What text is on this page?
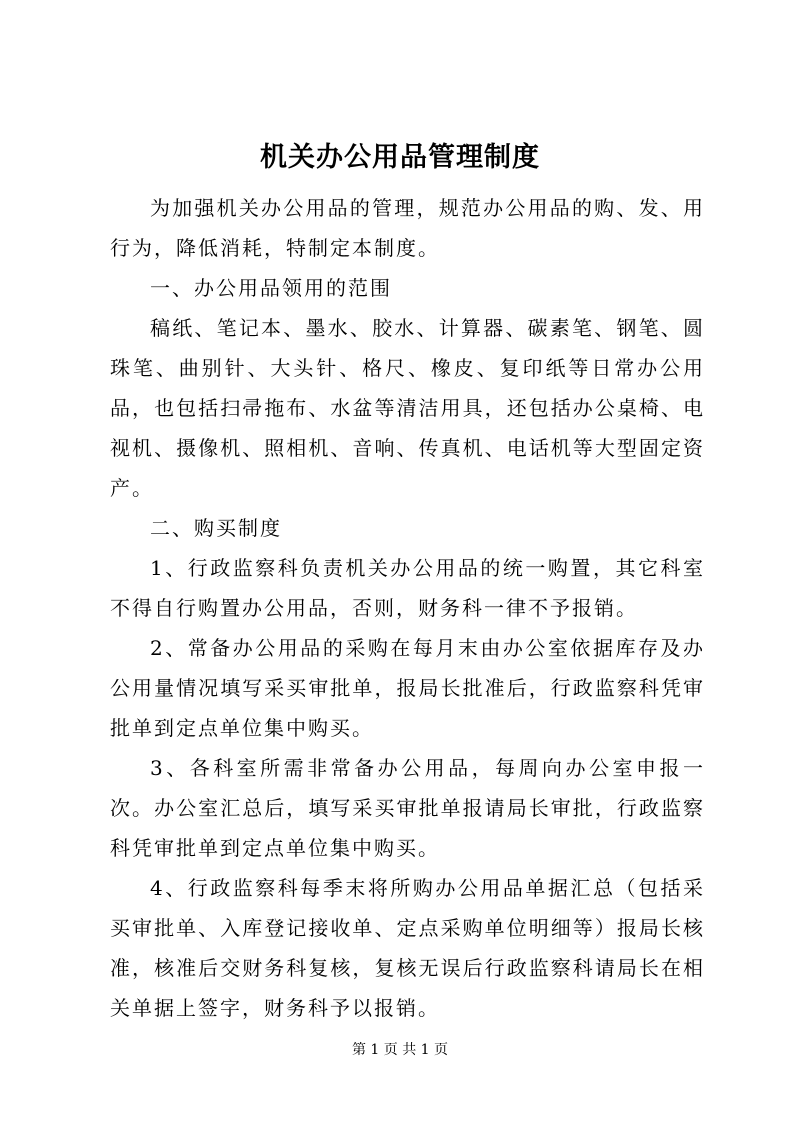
机关办公用品管理制度

为加强机关办公用品的管理，规范办公用品的购、发、用行为，降低消耗，特制定本制度。

一、办公用品领用的范围

稿纸、笔记本、墨水、胶水、计算器、碳素笔、钢笔、圆珠笔、曲别针、大头针、格尺、橡皮、复印纸等日常办公用品，也包括扫帚拖布、水盆等清洁用具，还包括办公桌椅、电视机、摄像机、照相机、音响、传真机、电话机等大型固定资产。

二、购买制度

1、行政监察科负责机关办公用品的统一购置，其它科室不得自行购置办公用品，否则，财务科一律不予报销。

2、常备办公用品的采购在每月末由办公室依据库存及办公用量情况填写采买审批单，报局长批准后，行政监察科凭审批单到定点单位集中购买。

3、各科室所需非常备办公用品，每周向办公室申报一次。办公室汇总后，填写采买审批单报请局长审批，行政监察科凭审批单到定点单位集中购买。

4、行政监察科每季末将所购办公用品单据汇总（包括采买审批单、入库登记接收单、定点采购单位明细等）报局长核准，核准后交财务科复核，复核无误后行政监察科请局长在相关单据上签字，财务科予以报销。

第 1 页 共 1 页
